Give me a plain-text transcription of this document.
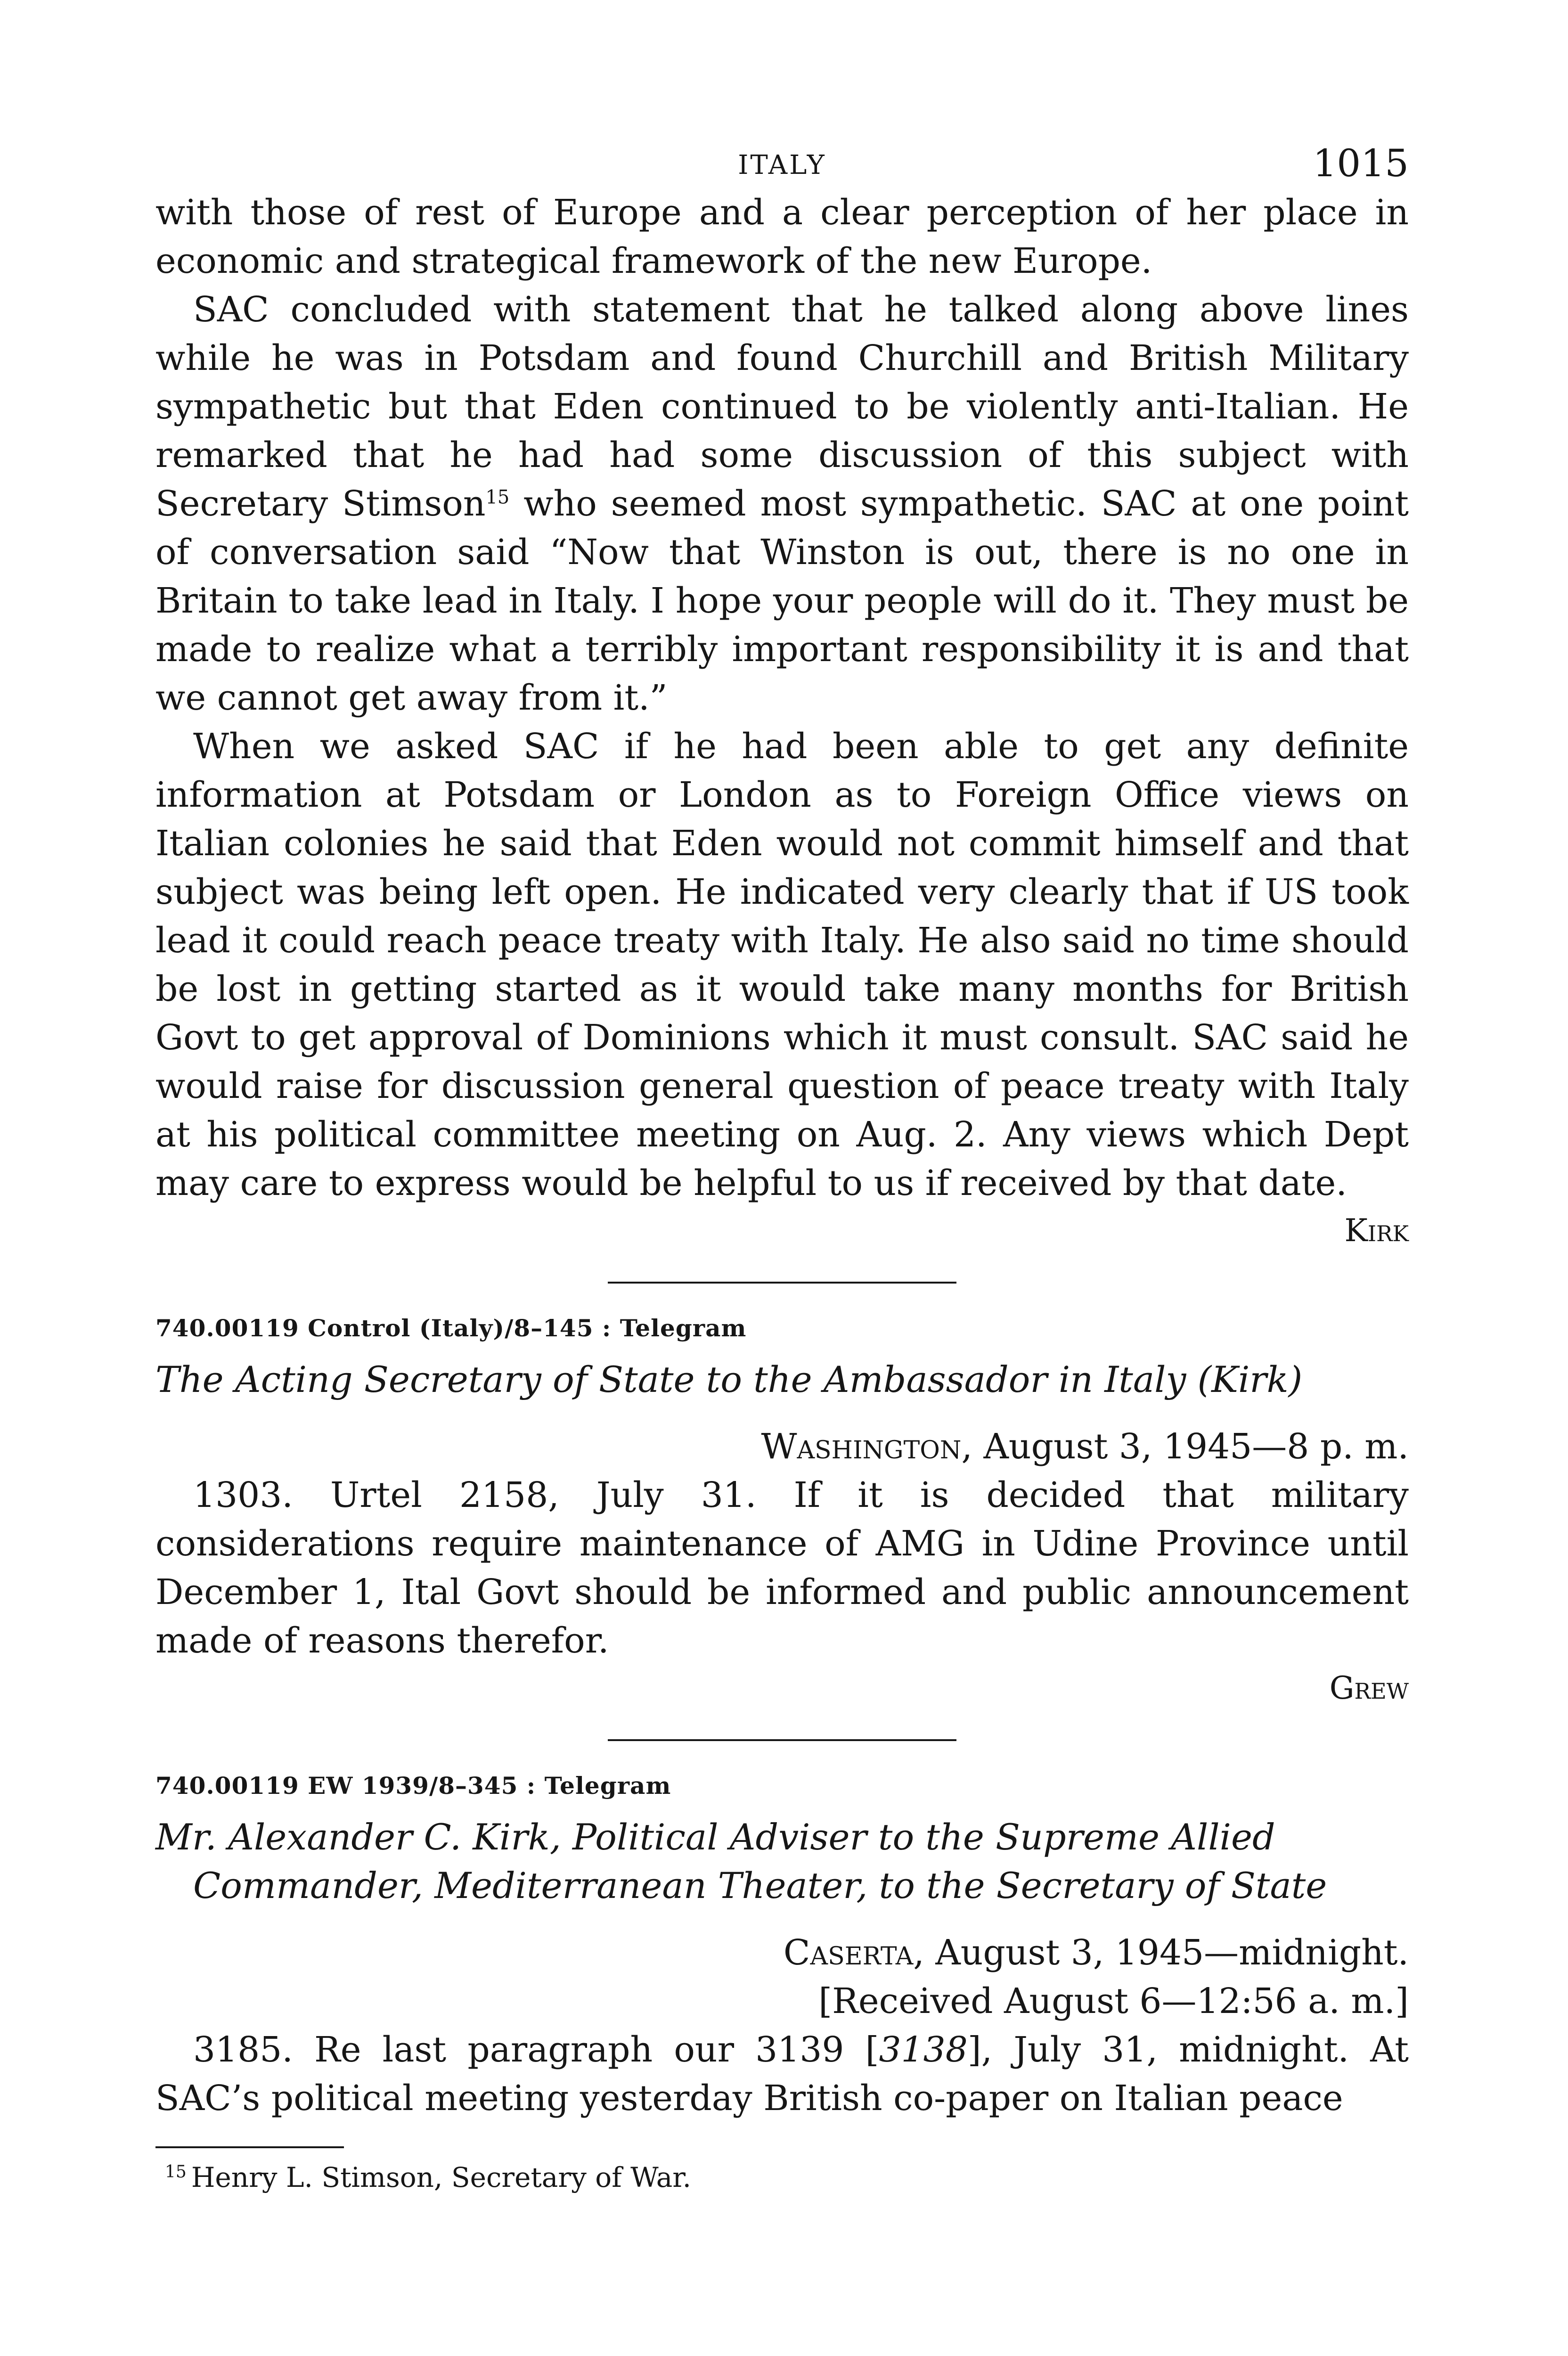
ITALY	1015

with those of rest of Europe and a clear perception of her place in economic and strategical framework of the new Europe.

SAC concluded with statement that he talked along above lines while he was in Potsdam and found Churchill and British Military sympathetic but that Eden continued to be violently anti-Italian. He remarked that he had had some discussion of this subject with Secretary Stimson$^{15}$ who seemed most sympathetic. SAC at one point of conversation said “Now that Winston is out, there is no one in Britain to take lead in Italy. I hope your people will do it. They must be made to realize what a terribly important responsibility it is and that we cannot get away from it.”

When we asked SAC if he had been able to get any definite information at Potsdam or London as to Foreign Office views on Italian colonies he said that Eden would not commit himself and that subject was being left open. He indicated very clearly that if US took lead it could reach peace treaty with Italy. He also said no time should be lost in getting started as it would take many months for British Govt to get approval of Dominions which it must consult. SAC said he would raise for discussion general question of peace treaty with Italy at his political committee meeting on Aug. 2. Any views which Dept may care to express would be helpful to us if received by that date.

Kirk

740.00119 Control (Italy)/8–145 : Telegram

The Acting Secretary of State to the Ambassador in Italy (Kirk)

Washington, August 3, 1945—8 p. m.

1303. Urtel 2158, July 31. If it is decided that military considerations require maintenance of AMG in Udine Province until December 1, Ital Govt should be informed and public announcement made of reasons therefor.

Grew

740.00119 EW 1939/8–345 : Telegram

Mr. Alexander C. Kirk, Political Adviser to the Supreme Allied Commander, Mediterranean Theater, to the Secretary of State

Caserta, August 3, 1945—midnight.

[Received August 6—12:56 a. m.]

3185. Re last paragraph our 3139 [3138], July 31, midnight. At SAC’s political meeting yesterday British co-paper on Italian peace

$^{15}$ Henry L. Stimson, Secretary of War.
